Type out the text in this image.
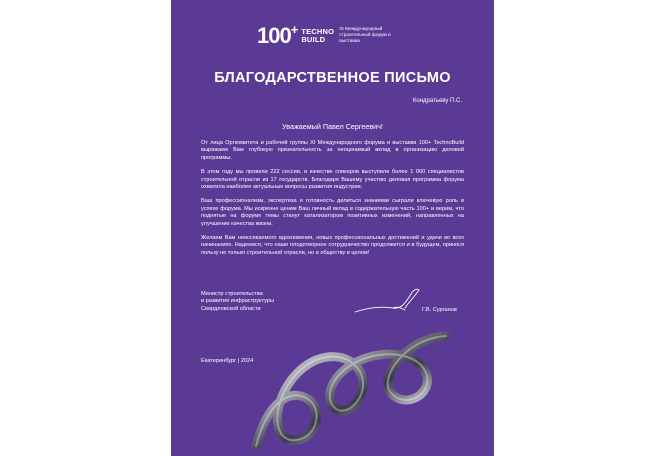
100+ TECHNO
BUILD
XI Международный строительный форум и выставка
БЛАГОДАРСТВЕННОЕ ПИСЬМО
Кондратьеву П.С.
Уважаемый Павел Сергеевич!

От лица Оргкомитета и рабочей группы XI Международного форума и выставки 100+ TechnoBuild выражаем Вам глубокую признательность за неоценимый вклад в организацию деловой программы.

В этом году мы провели 222 сессии, в качестве спикеров выступили более 1 000 специалистов строительной отрасли из 17 государств. Благодаря Вашему участию деловая программа форума охватила наиболее актуальные вопросы развития индустрии.

Ваш профессионализм, экспертиза и готовность делиться знаниями сыграли ключевую роль в успехе форума. Мы искренне ценим Ваш личный вклад в содержательную часть 100+ и верим, что поднятые на форуме темы станут катализатором позитивных изменений, направленных на улучшение качества жизни.

Желаем Вам неиссякаемого вдохновения, новых профессиональных достижений и удачи во всех начинаниях. Надеемся, что наше плодотворное сотрудничество продолжится и в будущем, принося пользу не только строительной отрасли, но и обществу в целом!

Министр строительства
и развития инфраструктуры
Свердловской области	Г.В. Сурганов
Екатеринбург | 2024
